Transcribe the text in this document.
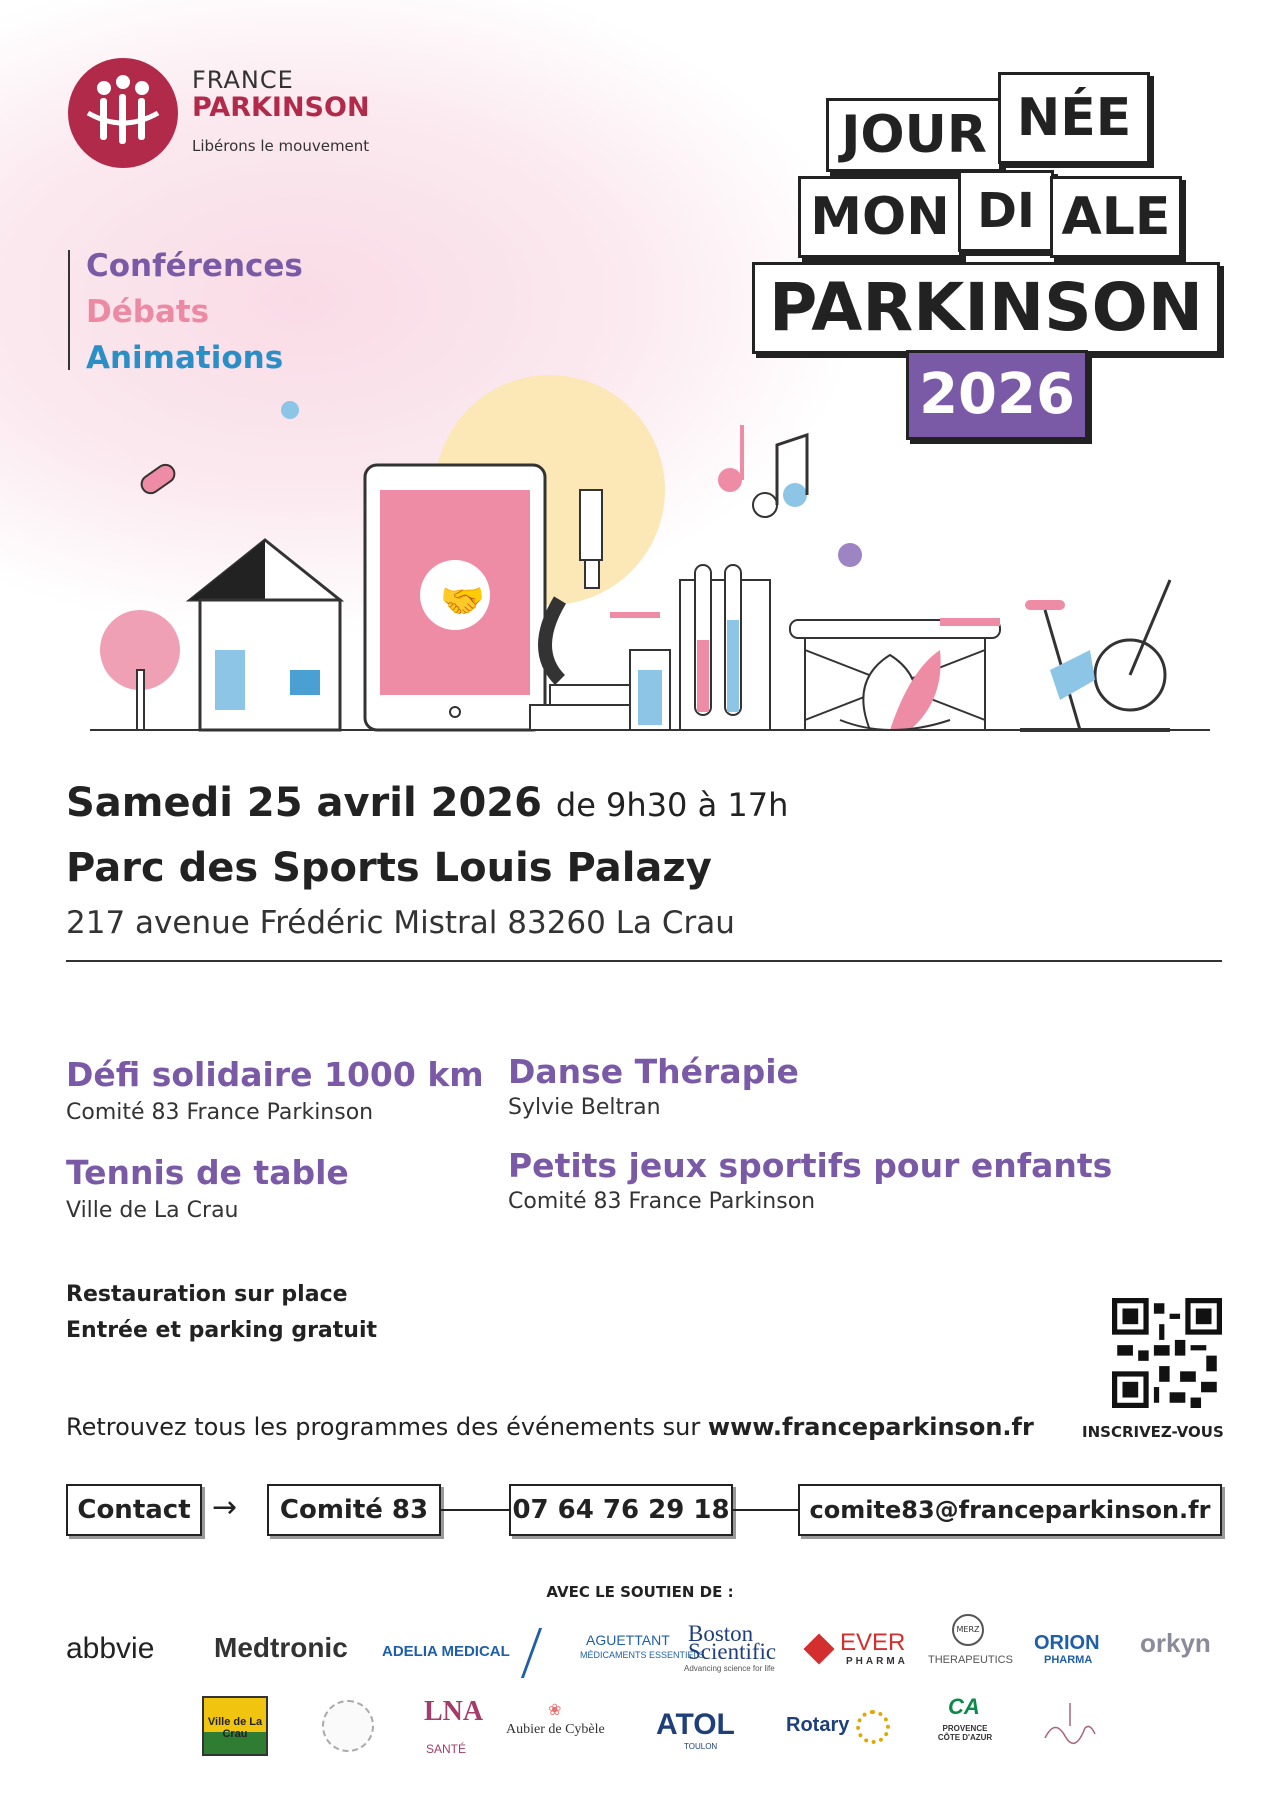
FRANCE
PARKINSON
Libérons le mouvement
Conférences
Débats
Animations
JOUR NÉE
MON DI ALE
PARKINSON
2026
🤝
Samedi 25 avril 2026 de 9h30 à 17h
Parc des Sports Louis Palazy
217 avenue Frédéric Mistral 83260 La Crau
Défi solidaire 1000 km
Comité 83 France Parkinson
Danse Thérapie
Sylvie Beltran
Tennis de table
Ville de La Crau
Petits jeux sportifs pour enfants
Comité 83 France Parkinson
Restauration sur place
Entrée et parking gratuit
INSCRIVEZ-VOUS
Retrouvez tous les programmes des événements sur www.franceparkinson.fr
Contact →	Comité 83	07 64 76 29 18	comite83@franceparkinson.fr
AVEC LE SOUTIEN DE :
abbvie Medtronic ADELIA MEDICAL
AGUETTANT
MÉDICAMENTS ESSENTIELS
Boston Scientific
Advancing science for life
EVER
PHARMA
MERZ
THERAPEUTICS
ORION
PHARMA
orkyn
Ville de La Crau
LNA
SANTÉ
❀
Aubier de Cybèle ATOL
TOULON
Rotary
CA
PROVENCE CÔTE D'AZUR
